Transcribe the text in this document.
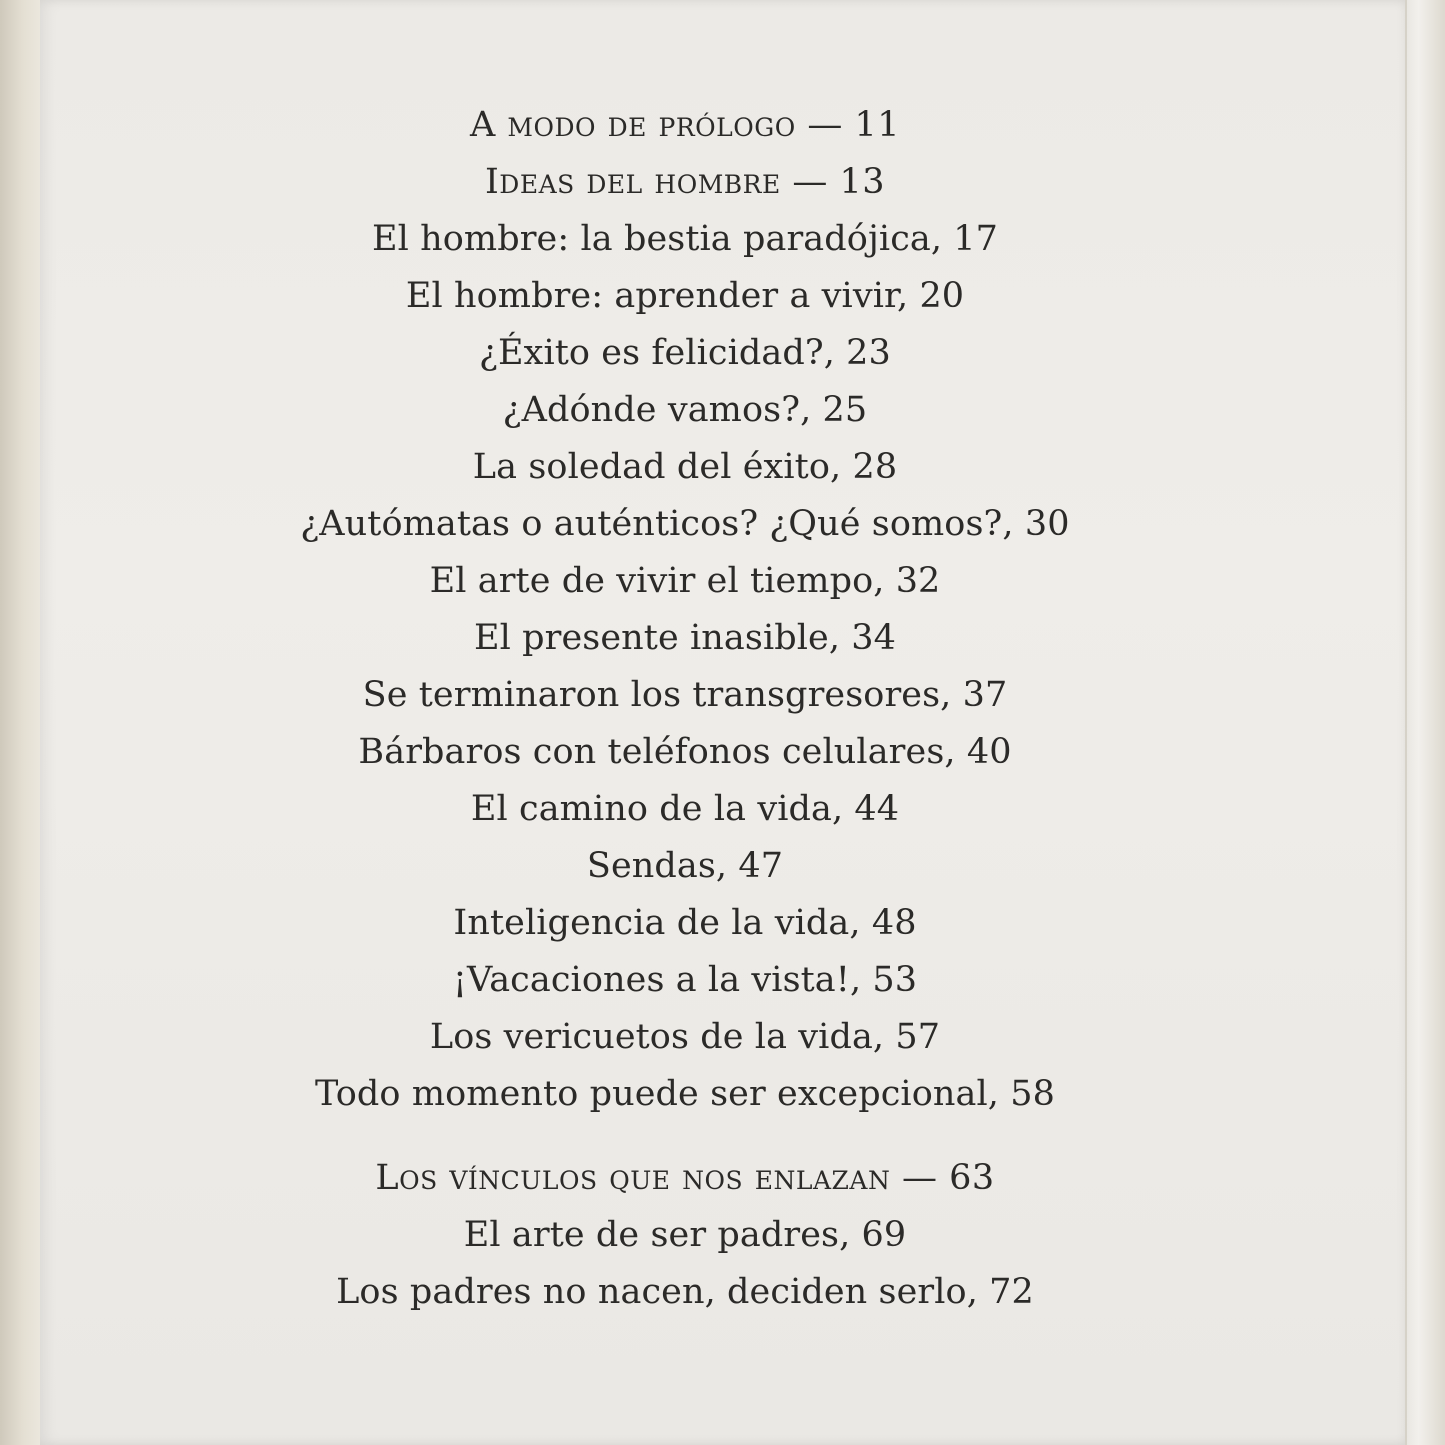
A modo de prólogo — 11
Ideas del hombre — 13
El hombre: la bestia paradójica, 17
El hombre: aprender a vivir, 20
¿Éxito es felicidad?, 23
¿Adónde vamos?, 25
La soledad del éxito, 28
¿Autómatas o auténticos? ¿Qué somos?, 30
El arte de vivir el tiempo, 32
El presente inasible, 34
Se terminaron los transgresores, 37
Bárbaros con teléfonos celulares, 40
El camino de la vida, 44
Sendas, 47
Inteligencia de la vida, 48
¡Vacaciones a la vista!, 53
Los vericuetos de la vida, 57
Todo momento puede ser excepcional, 58
Los vínculos que nos enlazan — 63
El arte de ser padres, 69
Los padres no nacen, deciden serlo, 72
